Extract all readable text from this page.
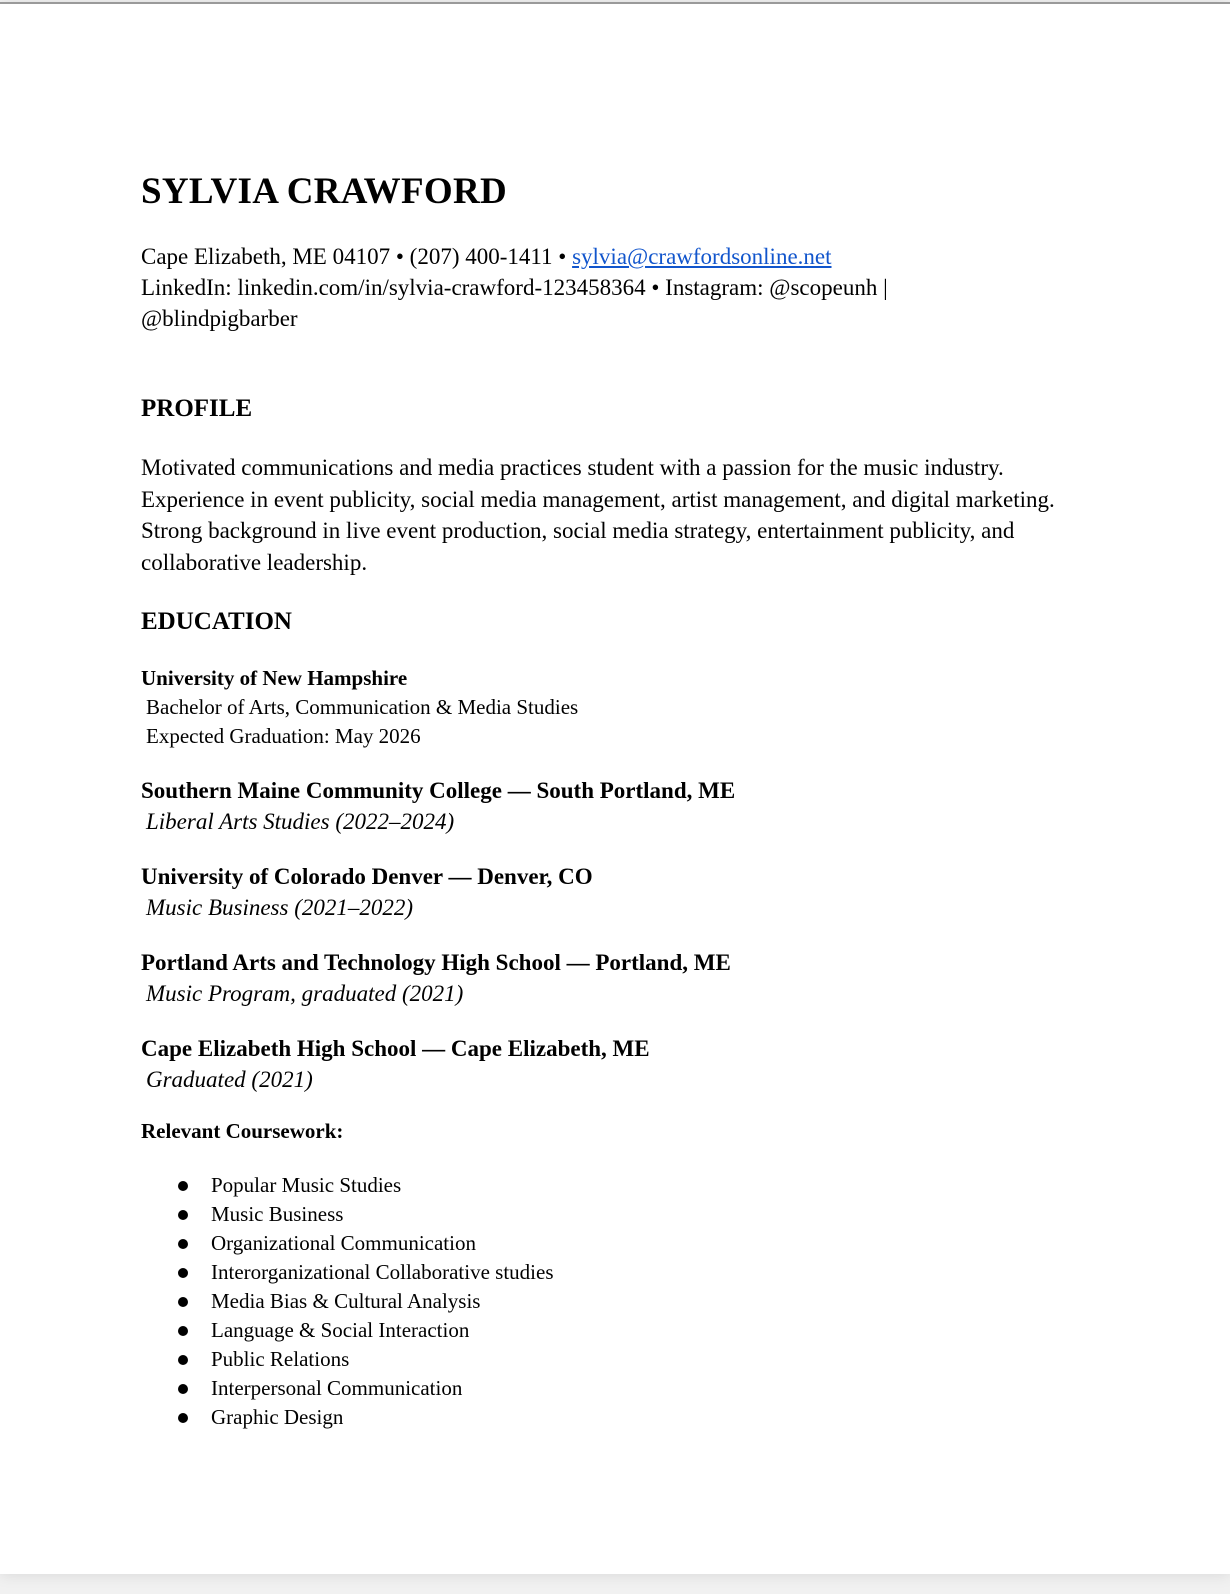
SYLVIA CRAWFORD
Cape Elizabeth, ME 04107 • (207) 400-1411 • sylvia@crawfordsonline.net
LinkedIn: linkedin.com/in/sylvia-crawford-123458364 • Instagram: @scopeunh |
@blindpigbarber
PROFILE
Motivated communications and media practices student with a passion for the music industry. Experience in event publicity, social media management, artist management, and digital marketing. Strong background in live event production, social media strategy, entertainment publicity, and collaborative leadership.
EDUCATION
University of New Hampshire
Bachelor of Arts, Communication & Media Studies
Expected Graduation: May 2026
Southern Maine Community College — South Portland, ME
Liberal Arts Studies (2022–2024)
University of Colorado Denver — Denver, CO
Music Business (2021–2022)
Portland Arts and Technology High School — Portland, ME
Music Program, graduated (2021)
Cape Elizabeth High School — Cape Elizabeth, ME
Graduated (2021)
Relevant Coursework:
Popular Music Studies
Music Business
Organizational Communication
Interorganizational Collaborative studies
Media Bias & Cultural Analysis
Language & Social Interaction
Public Relations
Interpersonal Communication
Graphic Design
